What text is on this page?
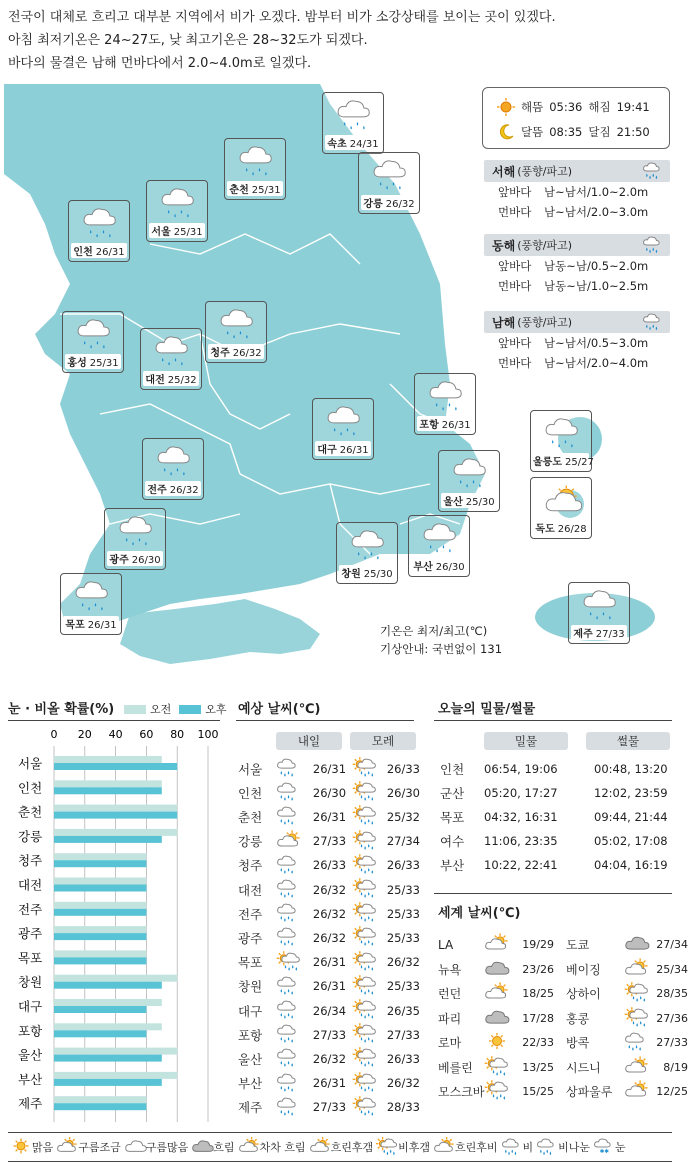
전국이 대체로 흐리고 대부분 지역에서 비가 오겠다. 밤부터 비가 소강상태를 보이는 곳이 있겠다.
아침 최저기온은 24~27도, 낮 최고기온은 28~32도가 되겠다.
바다의 물결은 남해 먼바다에서 2.0~4.0m로 일겠다.
속초 24/31
춘천 25/31
강릉 26/32
서울 25/31
인천 26/31
홍성 25/31
청주 26/32
대전 25/32
포항 26/31
대구 26/31
울릉도 25/27
전주 26/32
울산 25/30
독도 26/28
광주 26/30
부산 26/30
창원 25/30
목포 26/31
제주 27/33
해뜸 05:36 해짐 19:41
달뜸 08:35 달짐 21:50
서해 (풍향/파고)
앞바다	남~남서/1.0~2.0m
먼바다	남~남서/2.0~3.0m
동해 (풍향/파고)
앞바다	남동~남/0.5~2.0m
먼바다	남동~남/1.0~2.5m
남해 (풍향/파고)
앞바다	남~남서/0.5~3.0m
먼바다	남~남서/2.0~4.0m
기온은 최저/최고(℃)
기상안내: 국번없이 131
눈 · 비올 확률(%)	오전	오후
0 20 40 60 80 100
서울
인천
춘천
강릉
청주
대전
전주
광주
목포
창원
대구
포항
울산
부산
제주
예상 날씨(℃)
내일	모레
서울	26/31	26/33
인천	26/30	26/30
춘천	26/31	25/32
강릉	27/33	27/34
청주	26/33	26/33
대전	26/32	25/33
전주	26/32	25/33
광주	26/32	25/33
목포	26/31	26/32
창원	26/31	25/33
대구	26/34	26/35
포항	27/33	27/33
울산	26/32	26/33
부산	26/31	26/32
제주	27/33	28/33
오늘의 밀물/썰물
밀물	썰물
인천	06:54, 19:06	00:48, 13:20
군산	05:20, 17:27	12:02, 23:59
목포	04:32, 16:31	09:44, 21:44
여수	11:06, 23:35	05:02, 17:08
부산	10:22, 22:41	04:04, 16:19
세계 날씨(℃)
LA	19/29 도쿄	27/34
뉴욕	23/26 베이징	25/34
런던	18/25 상하이	28/35
파리	17/28 홍콩	27/36
로마	22/33 방콕	27/33
베를린	13/25 시드니	8/19
모스크바	15/25 상파울루	12/25
맑음 구름조금 구름많음 흐림 차차 흐림 흐린후갬 비후갬 흐린후비 비 비나눈 ✱✱ 눈
